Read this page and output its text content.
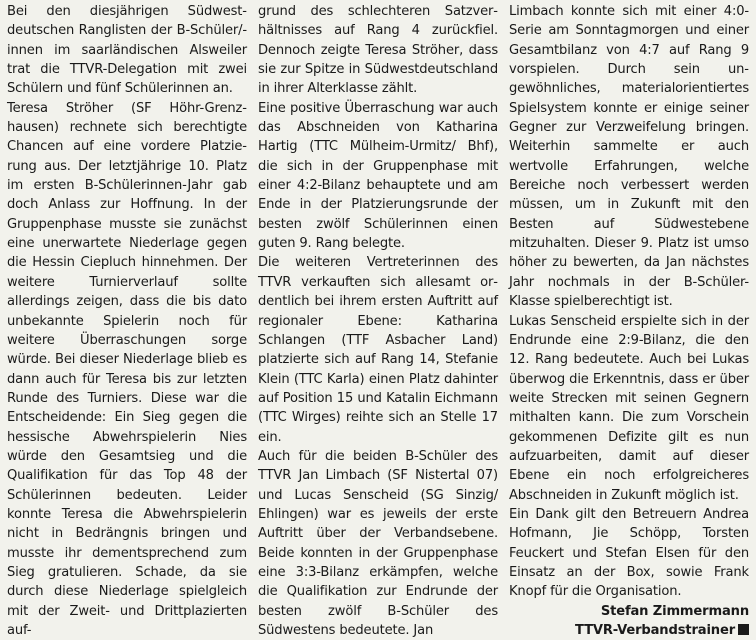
Bei den diesjährigen Südwestdeutschen Ranglisten der B-Schüler/-innen im saarländischen Alsweiler trat die TTVR-Delegation mit zwei Schülern und fünf Schülerinnen an.

Teresa Ströher (SF Höhr-Grenzhausen) rechnete sich berechtigte Chancen auf eine vordere Platzierung aus. Der letztjährige 10. Platz im ersten B-Schülerinnen-Jahr gab doch Anlass zur Hoffnung. In der Gruppenphase musste sie zunächst eine unerwartete Niederlage gegen die Hessin Ciepluch hinnehmen. Der weitere Turnierverlauf sollte allerdings zeigen, dass die bis dato unbekannte Spielerin noch für weitere Überraschungen sorge würde. Bei dieser Niederlage blieb es dann auch für Teresa bis zur letzten Runde des Turniers. Diese war die Entscheidende: Ein Sieg gegen die hessische Abwehrspielerin Nies würde den Gesamtsieg und die Qualifikation für das Top 48 der Schülerinnen bedeuten. Leider konnte Teresa die Abwehrspielerin nicht in Bedrängnis bringen und musste ihr dementsprechend zum Sieg gratulieren. Schade, da sie durch diese Niederlage spielgleich mit der Zweit- und Drittplazierten auf-

grund des schlechteren Satzverhältnisses auf Rang 4 zurückfiel. Dennoch zeigte Teresa Ströher, dass sie zur Spitze in Südwestdeutschland in ihrer Alterklasse zählt.

Eine positive Überraschung war auch das Abschneiden von Katharina Hartig (TTC Mülheim-Urmitz/ Bhf), die sich in der Gruppenphase mit einer 4:2-Bilanz behauptete und am Ende in der Platzierungsrunde der besten zwölf Schülerinnen einen guten 9. Rang belegte.

Die weiteren Vertreterinnen des TTVR verkauften sich allesamt ordentlich bei ihrem ersten Auftritt auf regionaler Ebene: Katharina Schlangen (TTF Asbacher Land) platzierte sich auf Rang 14, Stefanie Klein (TTC Karla) einen Platz dahinter auf Position 15 und Katalin Eichmann (TTC Wirges) reihte sich an Stelle 17 ein.

Auch für die beiden B-Schüler des TTVR Jan Limbach (SF Nistertal 07) und Lucas Senscheid (SG Sinzig/ Ehlingen) war es jeweils der erste Auftritt über der Verbandsebene. Beide konnten in der Gruppenphase eine 3:3-Bilanz erkämpfen, welche die Qualifikation zur Endrunde der besten zwölf B-Schüler des Südwestens bedeutete. Jan

Limbach konnte sich mit einer 4:0-Serie am Sonntagmorgen und einer Gesamtbilanz von 4:7 auf Rang 9 vorspielen. Durch sein ungewöhnliches, materialorientiertes Spielsystem konnte er einige seiner Gegner zur Verzweifelung bringen. Weiterhin sammelte er auch wertvolle Erfahrungen, welche Bereiche noch verbessert werden müssen, um in Zukunft mit den Besten auf Südwestebene mitzuhalten. Dieser 9. Platz ist umso höher zu bewerten, da Jan nächstes Jahr nochmals in der B-Schüler-Klasse spielberechtigt ist.

Lukas Senscheid erspielte sich in der Endrunde eine 2:9-Bilanz, die den 12. Rang bedeutete. Auch bei Lukas überwog die Erkenntnis, dass er über weite Strecken mit seinen Gegnern mithalten kann. Die zum Vorschein gekommenen Defizite gilt es nun aufzuarbeiten, damit auf dieser Ebene ein noch erfolgreicheres Abschneiden in Zukunft möglich ist.

Ein Dank gilt den Betreuern Andrea Hofmann, Jie Schöpp, Torsten Feuckert und Stefan Elsen für den Einsatz an der Box, sowie Frank Knopf für die Organisation.

Stefan Zimmermann
TTVR-Verbandstrainer
